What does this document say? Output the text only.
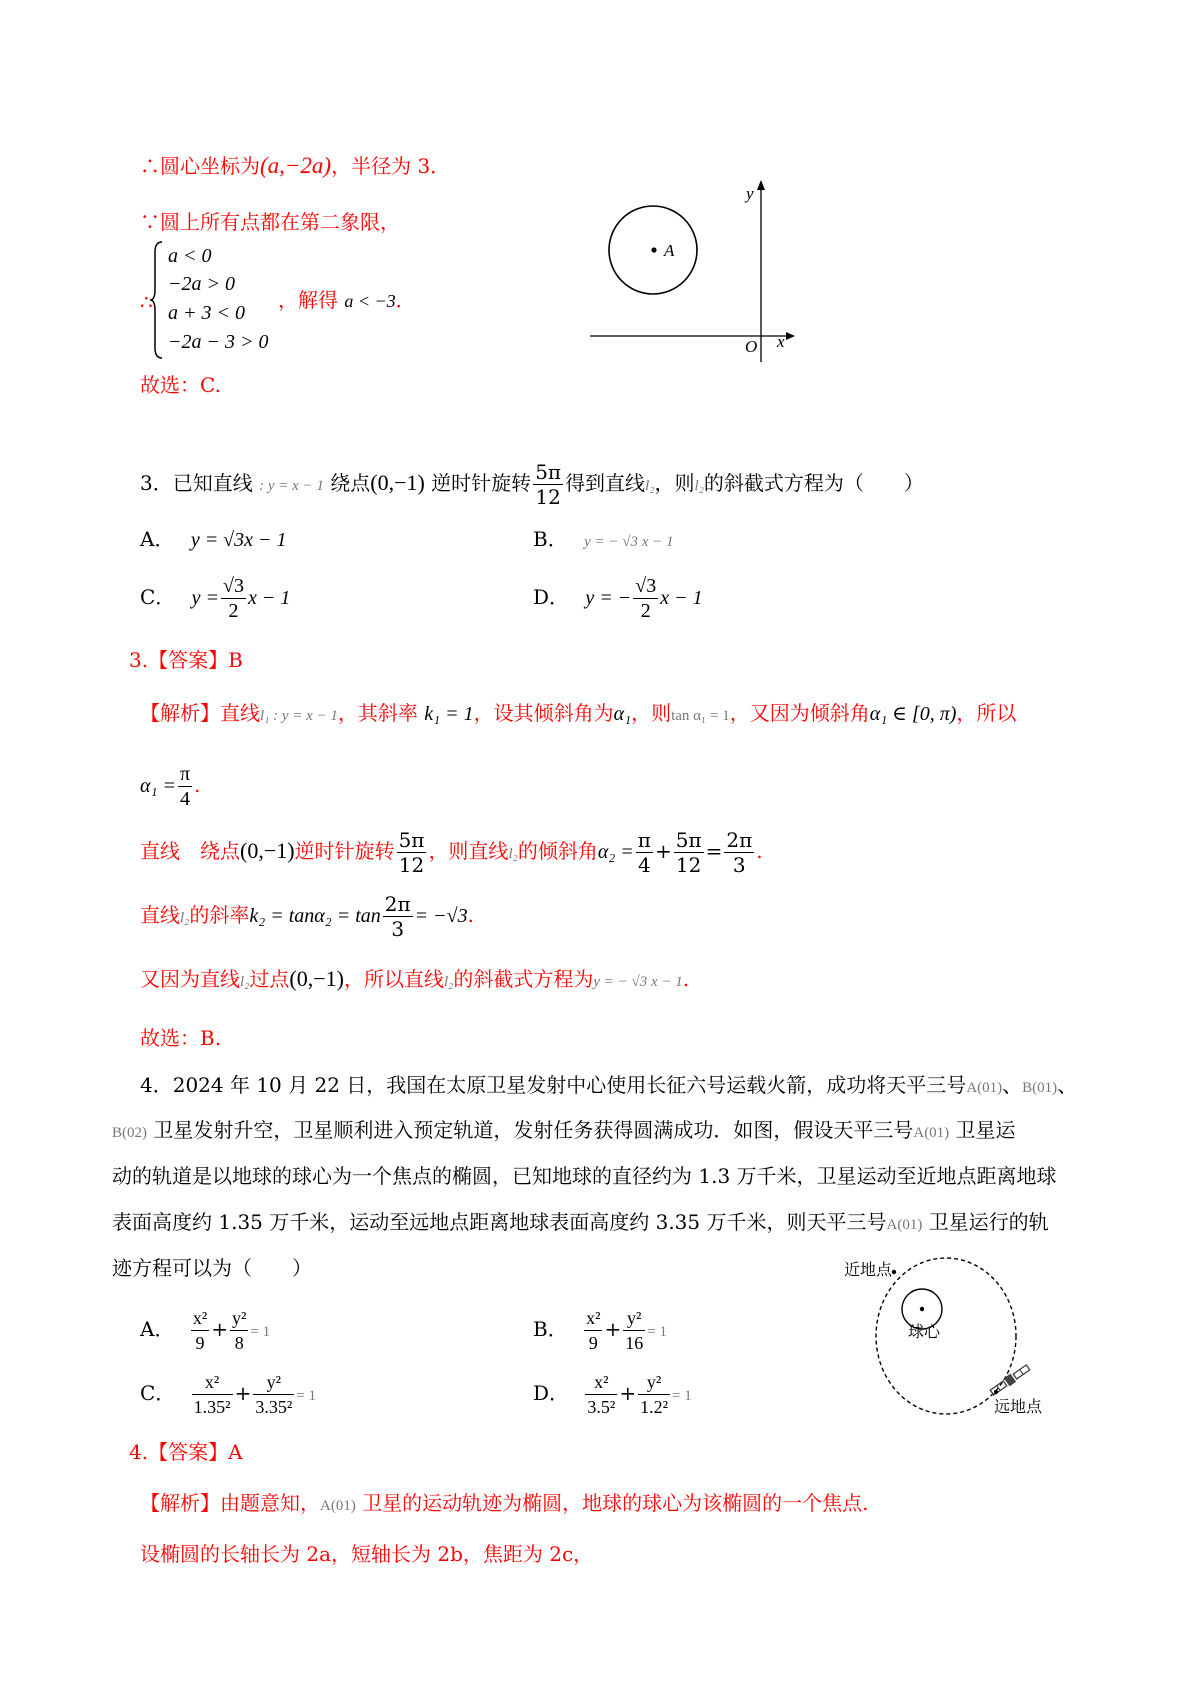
∴圆心坐标为(a,−2a)，半径为 3．
∵圆上所有点都在第二象限，
∴
a < 0
−2a > 0
a + 3 < 0
−2a − 3 > 0
，解得 a < −3．
故选：C.
A
O x
y
3．已知直线 : y = x − 1 绕点(0,−1) 逆时针旋转 $\frac{5\pi}{12}$ 得到直线l₂，则l₂的斜截式方程为（　　）
A． y = √3x − 1	B． y = − √3 x − 1
C． $y = \frac{√3}{2}$ x − 1	D． y = − $\frac{√3}{2}$ x − 1
3.【答案】B
【解析】直线l₁ : y = x − 1，其斜率 k₁ = 1，设其倾斜角为α₁，则tan α₁ = 1，又因为倾斜角α₁ ∈ [0, π)，所以
$\alpha_1 = \frac{\pi}{4}$ .
直线　绕点(0,−1)逆时针旋转 $\frac{5\pi}{12}$ ，则直线l₂的倾斜角$\alpha_2 = \frac{\pi}{4} + \frac{5\pi}{12} = \frac{2\pi}{3}$ .
直线l₂的斜率$k_2 = \tan\alpha_2 = \tan \frac{2\pi}{3} = -√3$.
又因为直线l₂过点(0,−1)，所以直线l₂的斜截式方程为y = − √3 x − 1.
故选：B.
4．2024 年 10 月 22 日，我国在太原卫星发射中心使用长征六号运载火箭，成功将天平三号A(01)、B(01)、
B(02) 卫星发射升空，卫星顺利进入预定轨道，发射任务获得圆满成功．如图，假设天平三号A(01) 卫星运
动的轨道是以地球的球心为一个焦点的椭圆，已知地球的直径约为 1.3 万千米，卫星运动至近地点距离地球
表面高度约 1.35 万千米，运动至远地点距离地球表面高度约 3.35 万千米，则天平三号A(01) 卫星运行的轨
迹方程可以为（　　）
A． $\frac{\text{x²}}{9} + \frac{\text{y²}}{8} = 1$	B． $\frac{\text{x²}}{9} + \frac{\text{y²}}{16} = 1$
C． $\frac{\text{x²}}{\text{1.35²}} + \frac{\text{y²}}{\text{3.35²}} = 1$	D． $\frac{\text{x²}}{\text{3.5²}} + \frac{\text{y²}}{\text{1.2²}} = 1$
近地点
球心
远地点
4.【答案】A
【解析】由题意知，A(01) 卫星的运动轨迹为椭圆，地球的球心为该椭圆的一个焦点.
设椭圆的长轴长为 2a，短轴长为 2b，焦距为 2c，
